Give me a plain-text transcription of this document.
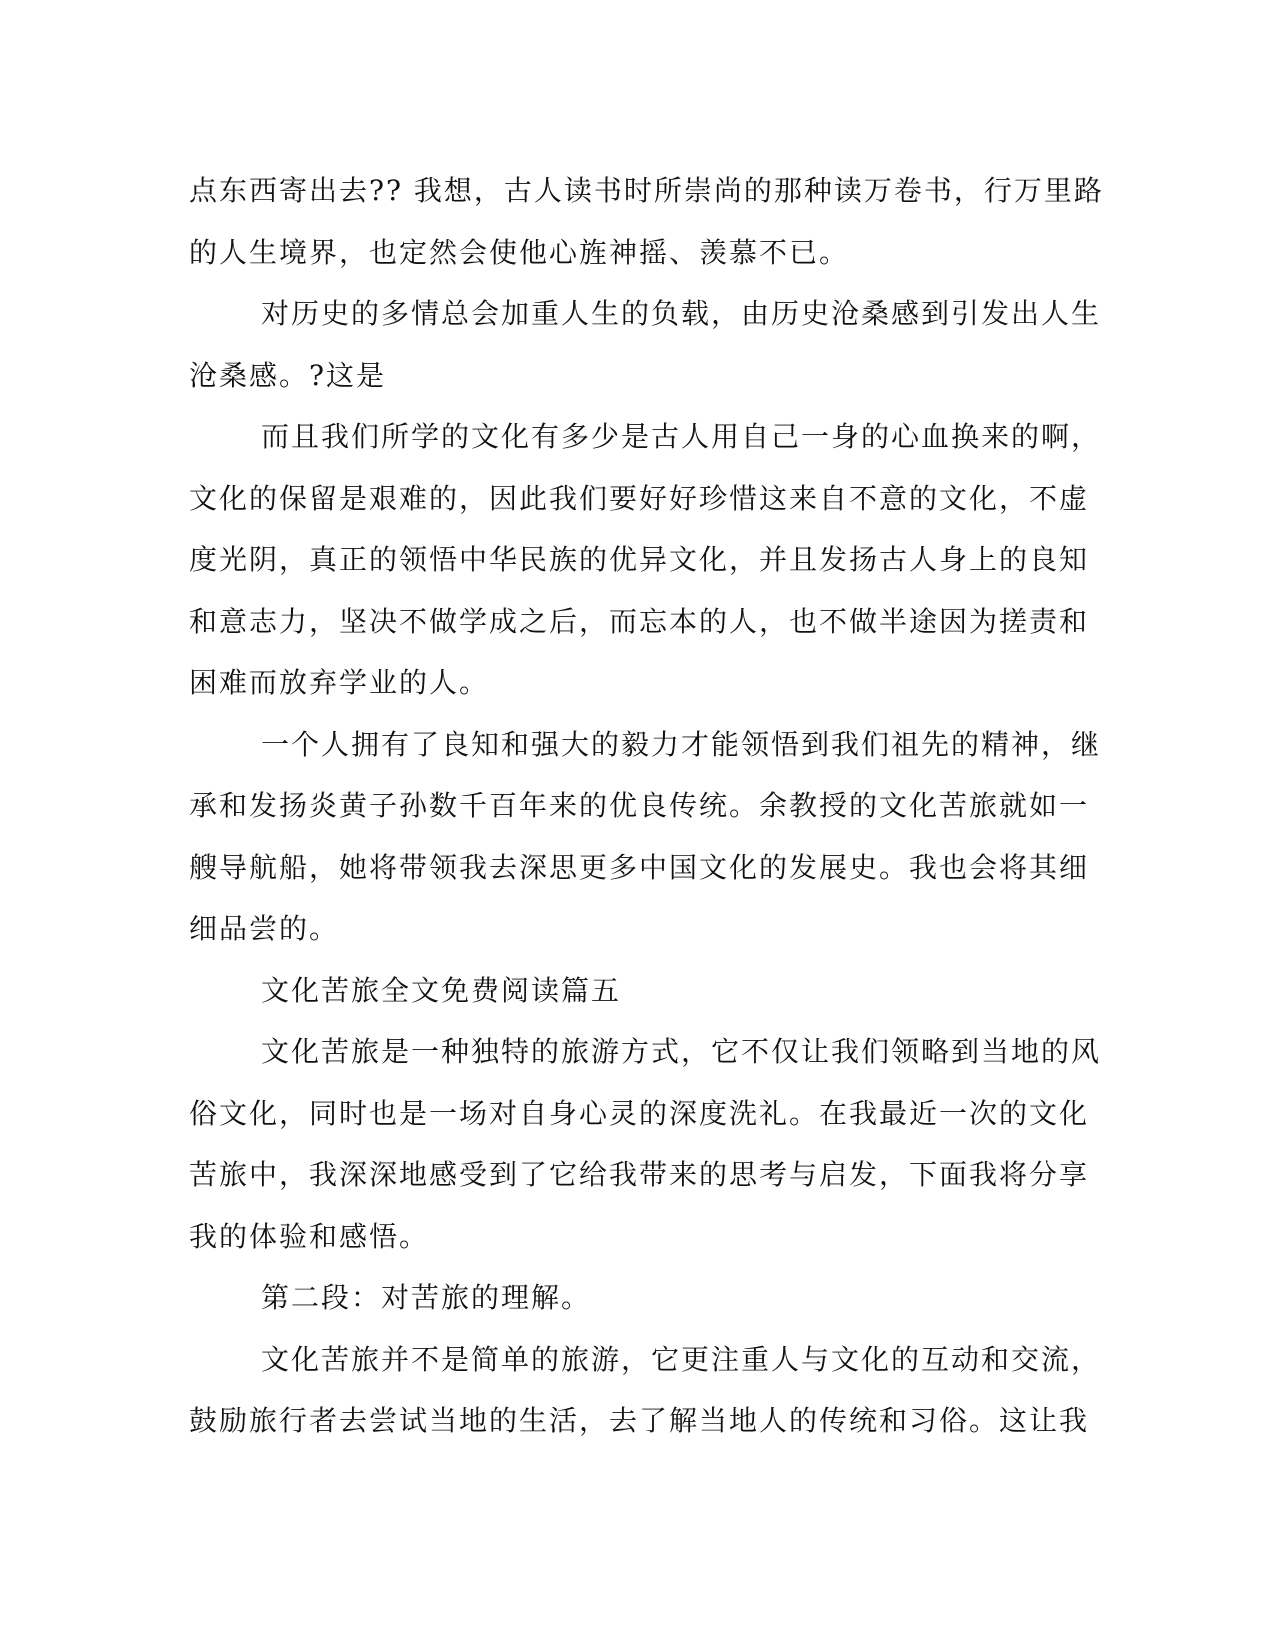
点东西寄出去?? 我想，古人读书时所崇尚的那种读万卷书，行万里路
的人生境界，也定然会使他心旌神摇、羡慕不已。
对历史的多情总会加重人生的负载，由历史沧桑感到引发出人生
沧桑感。?这是
而且我们所学的文化有多少是古人用自己一身的心血换来的啊，
文化的保留是艰难的，因此我们要好好珍惜这来自不意的文化，不虚
度光阴，真正的领悟中华民族的优异文化，并且发扬古人身上的良知
和意志力，坚决不做学成之后，而忘本的人，也不做半途因为搓责和
困难而放弃学业的人。
一个人拥有了良知和强大的毅力才能领悟到我们祖先的精神，继
承和发扬炎黄子孙数千百年来的优良传统。余教授的文化苦旅就如一
艘导航船，她将带领我去深思更多中国文化的发展史。我也会将其细
细品尝的。
文化苦旅全文免费阅读篇五
文化苦旅是一种独特的旅游方式，它不仅让我们领略到当地的风
俗文化，同时也是一场对自身心灵的深度洗礼。在我最近一次的文化
苦旅中，我深深地感受到了它给我带来的思考与启发，下面我将分享
我的体验和感悟。
第二段：对苦旅的理解。
文化苦旅并不是简单的旅游，它更注重人与文化的互动和交流，
鼓励旅行者去尝试当地的生活，去了解当地人的传统和习俗。这让我
